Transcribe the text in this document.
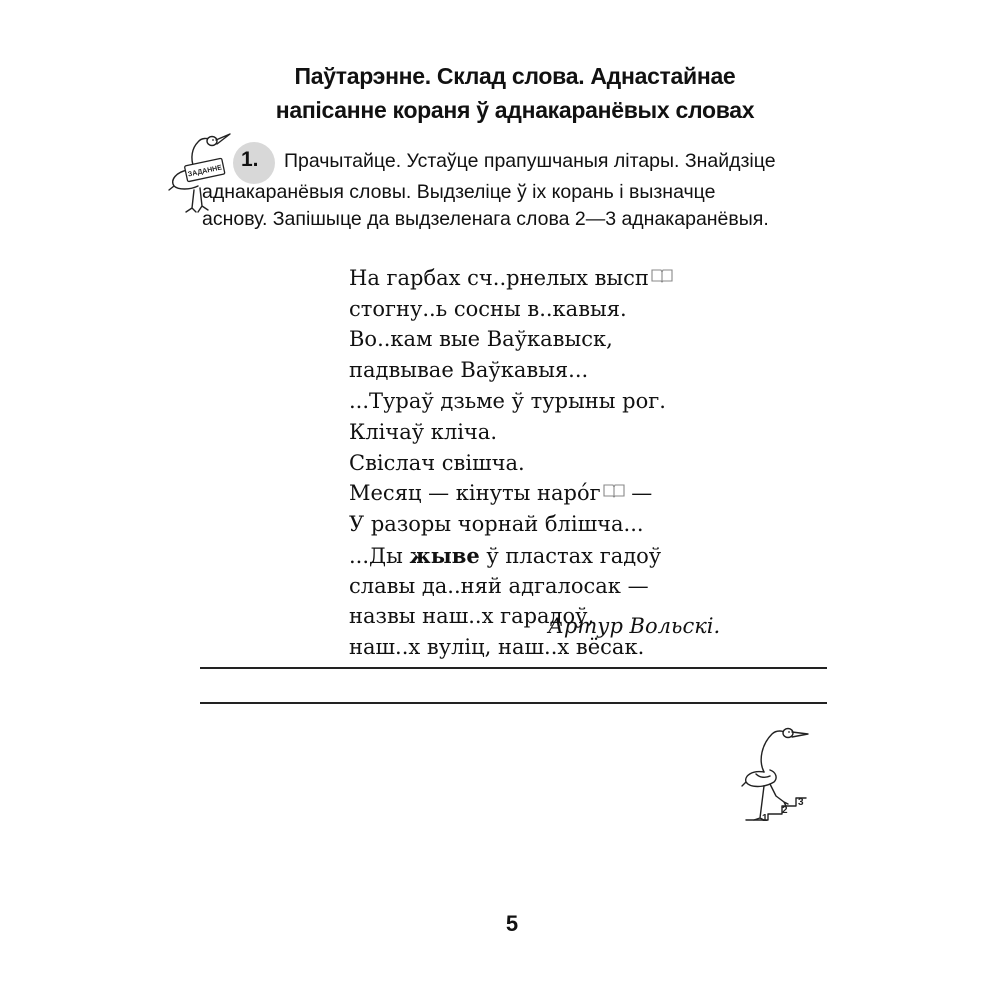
Паўтарэнне. Склад слова. Аднастайнае
напісанне кораня ў аднакаранёвых словах
ЗАДАННЕ
1. Прачытайце. Устаўце прапушчаныя літары. Знайдзіце
аднакаранёвыя словы. Выдзеліце ў іх корань і вызначце
аснову. Запішыце да выдзеленага слова 2—3 аднакаранёвыя.
На гарбах сч..рнелых высп
стогну..ь сосны в..кавыя.
Во..кам вые Ваўкавыск,
падвывае Ваўкавыя...
...Тураў дзьме ў турыны рог.
Клічаў кліча.
Свіслач свішча.
Месяц — кінуты наро́г —
У разоры чорнай блішча...
...Ды жыве ў пластах гадоў
славы да..няй адгалосак —
назвы наш..х гарадоў,
наш..х вуліц, наш..х вёсак.
Артур Вольскі.
1
2
3
5
